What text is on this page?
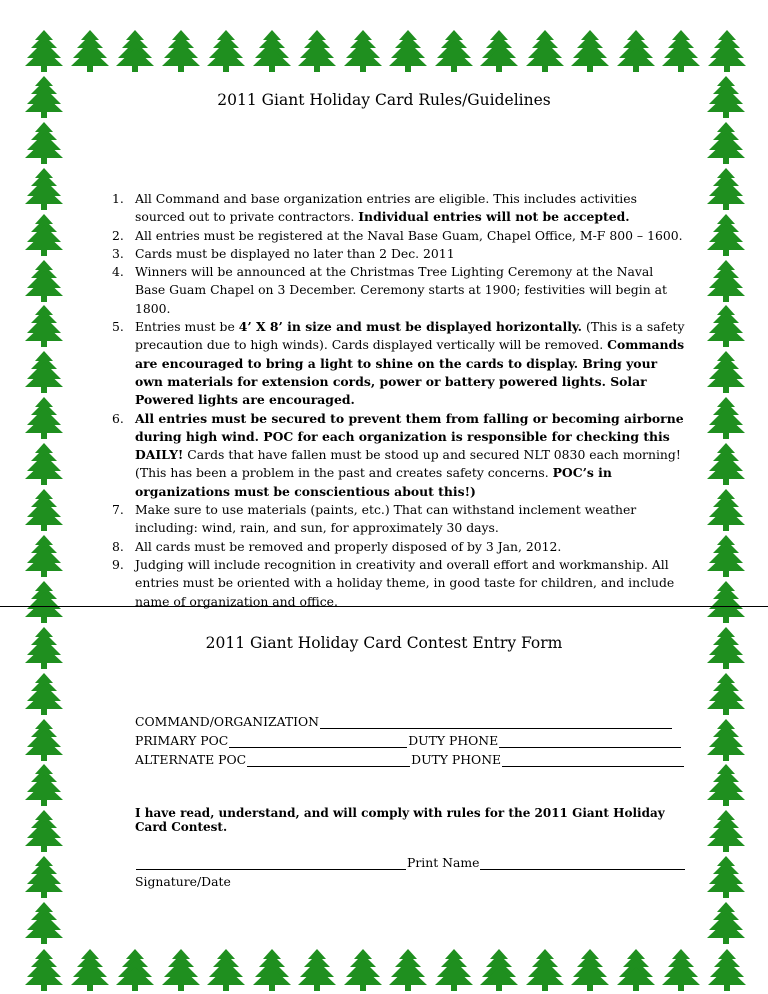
2011 Giant Holiday Card Rules/Guidelines
1. All Command and base organization entries are eligible. This includes activities sourced out to private contractors. Individual entries will not be accepted.
2. All entries must be registered at the Naval Base Guam, Chapel Office, M-F 800 – 1600.
3. Cards must be displayed no later than 2 Dec. 2011
4. Winners will be announced at the Christmas Tree Lighting Ceremony at the Naval Base Guam Chapel on 3 December. Ceremony starts at 1900; festivities will begin at 1800.
5. Entries must be 4’ X 8’ in size and must be displayed horizontally. (This is a safety precaution due to high winds). Cards displayed vertically will be removed. Commands are encouraged to bring a light to shine on the cards to display. Bring your own materials for extension cords, power or battery powered lights. Solar Powered lights are encouraged.
6. All entries must be secured to prevent them from falling or becoming airborne during high wind. POC for each organization is responsible for checking this DAILY! Cards that have fallen must be stood up and secured NLT 0830 each morning! (This has been a problem in the past and creates safety concerns. POC’s in organizations must be conscientious about this!)
7. Make sure to use materials (paints, etc.) That can withstand inclement weather including: wind, rain, and sun, for approximately 30 days.
8. All cards must be removed and properly disposed of by 3 Jan, 2012.
9. Judging will include recognition in creativity and overall effort and workmanship. All entries must be oriented with a holiday theme, in good taste for children, and include name of organization and office.
2011 Giant Holiday Card Contest Entry Form
COMMAND/ORGANIZATION
PRIMARY POC	DUTY PHONE
ALTERNATE POC	DUTY PHONE
I have read, understand, and will comply with rules for the 2011 Giant Holiday Card Contest.
Print Name
Signature/Date
